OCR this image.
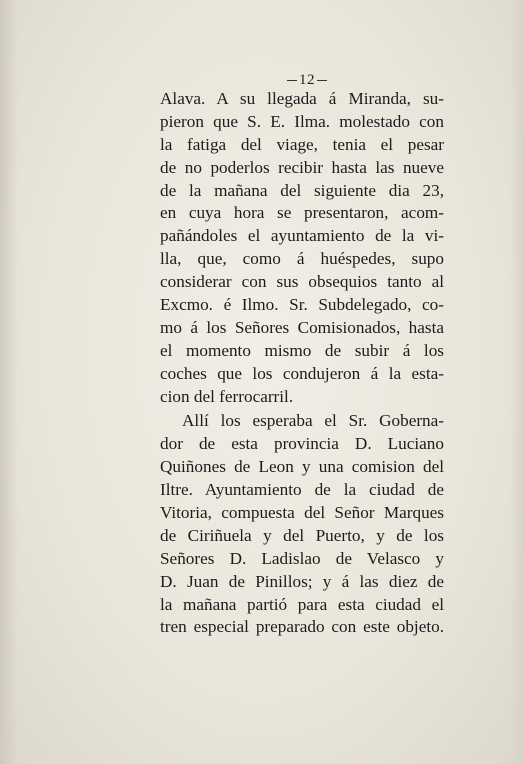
12
Alava. A su llegada á Miranda, su-
pieron que S. E. Ilma. molestado con
la fatiga del viage, tenia el pesar
de no poderlos recibir hasta las nueve
de la mañana del siguiente dia 23,
en cuya hora se presentaron, acom-
pañándoles el ayuntamiento de la vi-
lla, que, como á huéspedes, supo
considerar con sus obsequios tanto al
Excmo. é Ilmo. Sr. Subdelegado, co-
mo á los Señores Comisionados, hasta
el momento mismo de subir á los
coches que los condujeron á la esta-
cion del ferrocarril.
Allí los esperaba el Sr. Goberna-
dor de esta provincia D. Luciano
Quiñones de Leon y una comision del
Iltre. Ayuntamiento de la ciudad de
Vitoria, compuesta del Señor Marques
de Ciriñuela y del Puerto, y de los
Señores D. Ladislao de Velasco y
D. Juan de Pinillos; y á las diez de
la mañana partió para esta ciudad el
tren especial preparado con este objeto.
